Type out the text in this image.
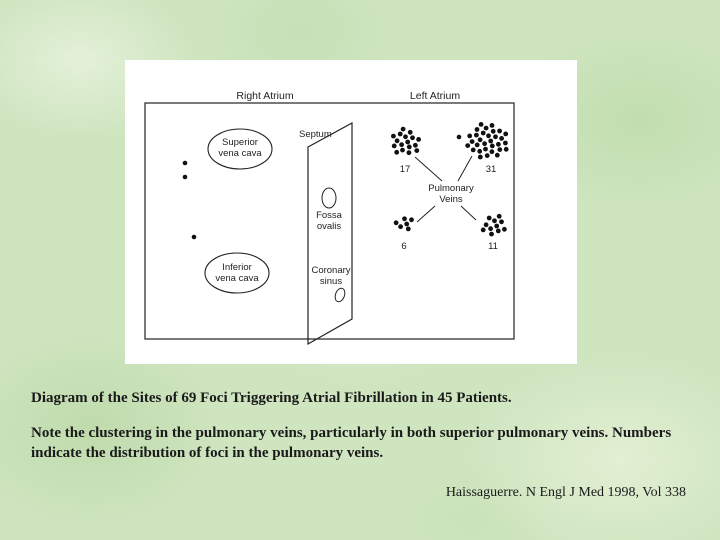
Right Atrium	Left Atrium
Septum
Superior
vena cava
Inferior
vena cava
Fossa
ovalis
Coronary
sinus
17	31
6	11
Pulmonary
Veins

Diagram of the Sites of 69 Foci Triggering Atrial Fibrillation in 45 Patients.

Note the clustering in the pulmonary veins, particularly in both superior pulmonary veins. Numbers indicate the distribution of foci in the pulmonary veins.

Haissaguerre. N Engl J Med 1998, Vol 338
